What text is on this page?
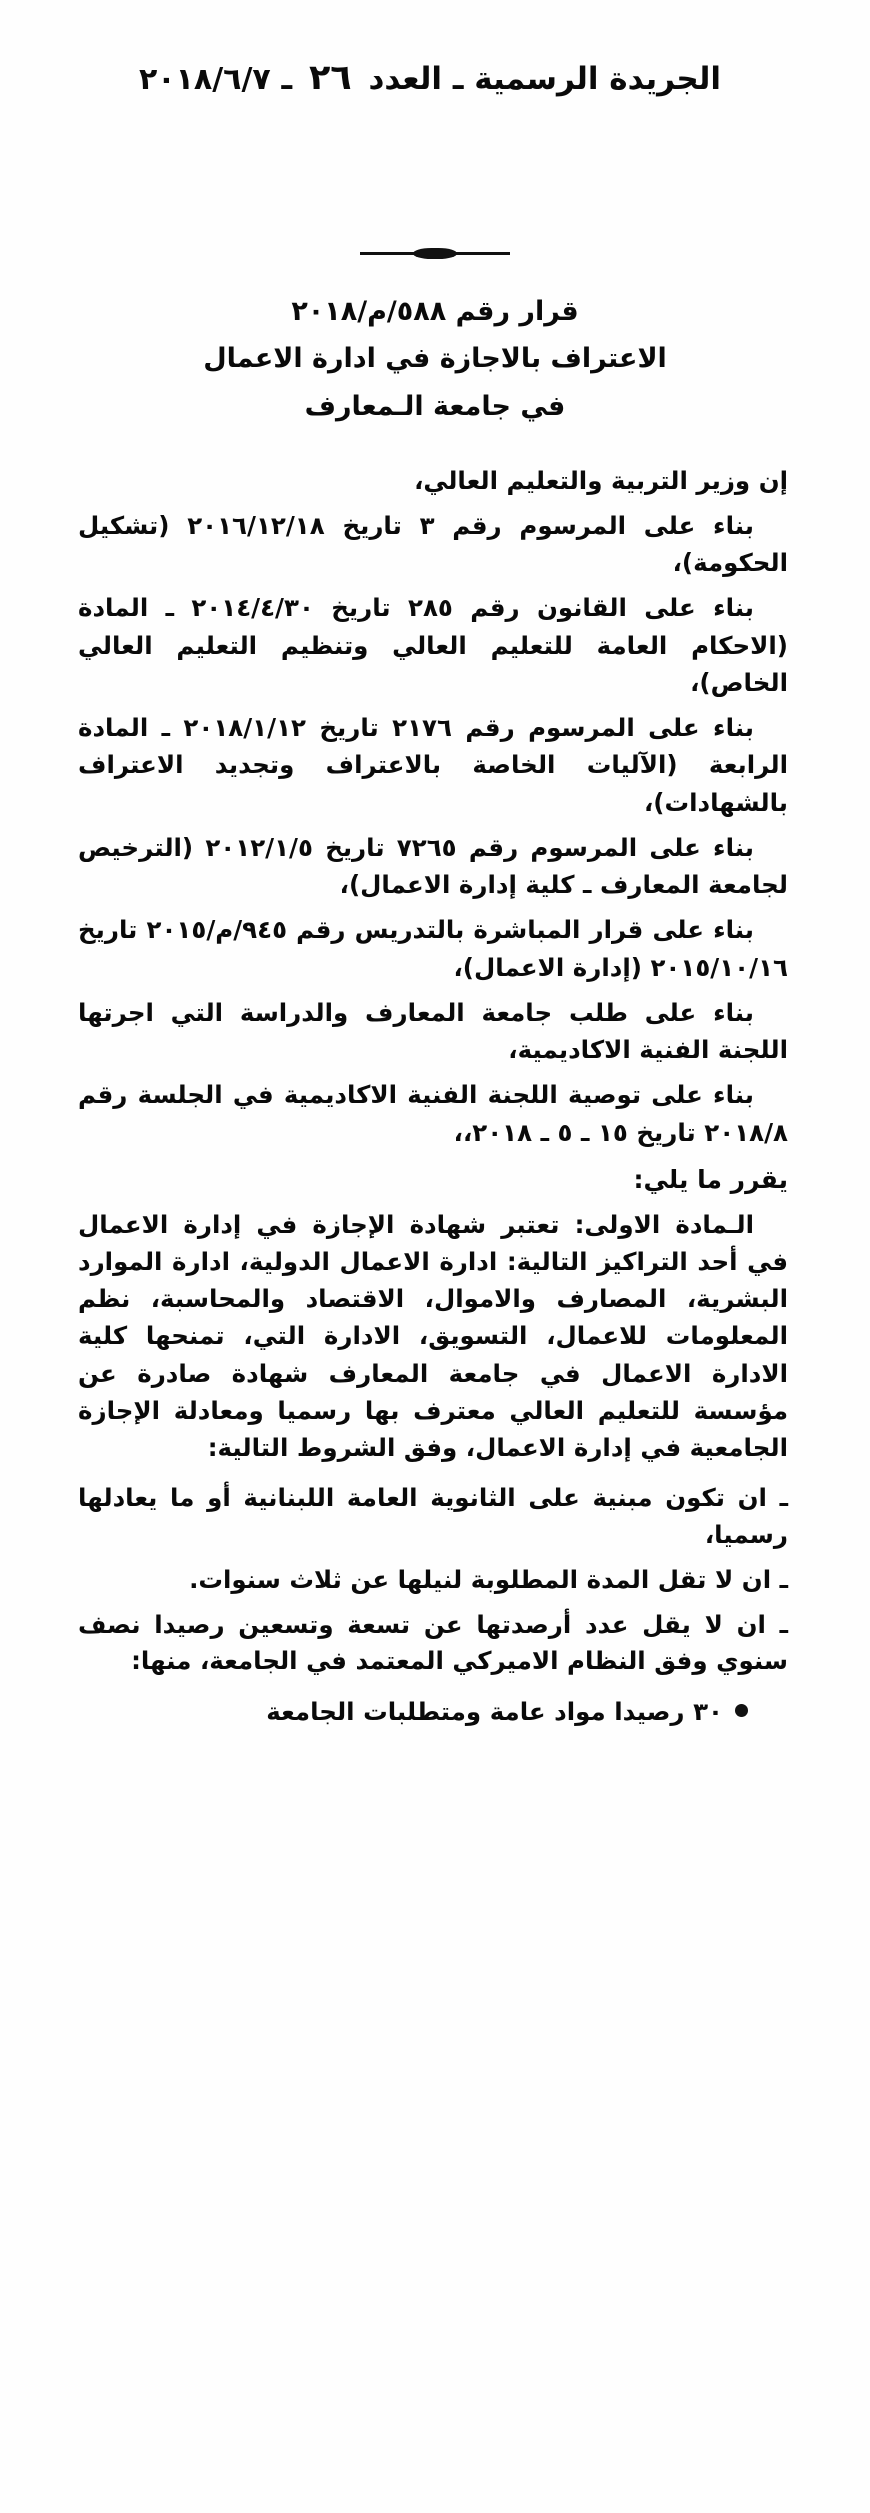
الجريدة الرسمية ـ العدد ٢٦ ـ ٢٠١٨/٦/٧
قرار رقم ٥٨٨/م/٢٠١٨
الاعتراف بالاجازة في ادارة الاعمال
في جامعة الـمعارف

إن وزير التربية والتعليم العالي،

بناء على المرسوم رقم ٣ تاريخ ٢٠١٦/١٢/١٨ (تشكيل الحكومة)،

بناء على القانون رقم ٢٨٥ تاريخ ٢٠١٤/٤/٣٠ ـ المادة (الاحكام العامة للتعليم العالي وتنظيم التعليم العالي الخاص)،

بناء على المرسوم رقم ٢١٧٦ تاريخ ٢٠١٨/١/١٢ ـ المادة الرابعة (الآليات الخاصة بالاعتراف وتجديد الاعتراف بالشهادات)،

بناء على المرسوم رقم ٧٢٦٥ تاريخ ٢٠١٢/١/٥ (الترخيص لجامعة المعارف ـ كلية إدارة الاعمال)،

بناء على قرار المباشرة بالتدريس رقم ٩٤٥/م/٢٠١٥ تاريخ ٢٠١٥/١٠/١٦ (إدارة الاعمال)،

بناء على طلب جامعة المعارف والدراسة التي اجرتها اللجنة الفنية الاكاديمية،

بناء على توصية اللجنة الفنية الاكاديمية في الجلسة رقم ٢٠١٨/٨ تاريخ ١٥ ـ ٥ ـ ٢٠١٨،،

يقرر ما يلي:

الـمادة الاولى: تعتبر شهادة الإجازة في إدارة الاعمال في أحد التراكيز التالية: ادارة الاعمال الدولية، ادارة الموارد البشرية، المصارف والاموال، الاقتصاد والمحاسبة، نظم المعلومات للاعمال، التسويق، الادارة التي، تمنحها كلية الادارة الاعمال في جامعة المعارف شهادة صادرة عن مؤسسة للتعليم العالي معترف بها رسميا ومعادلة الإجازة الجامعية في إدارة الاعمال، وفق الشروط التالية:

ـ ان تكون مبنية على الثانوية العامة اللبنانية أو ما يعادلها رسميا،

ـ ان لا تقل المدة المطلوبة لنيلها عن ثلاث سنوات.

ـ ان لا يقل عدد أرصدتها عن تسعة وتسعين رصيدا نصف سنوي وفق النظام الاميركي المعتمد في الجامعة، منها:

٣٠ رصيدا مواد عامة ومتطلبات الجامعة
